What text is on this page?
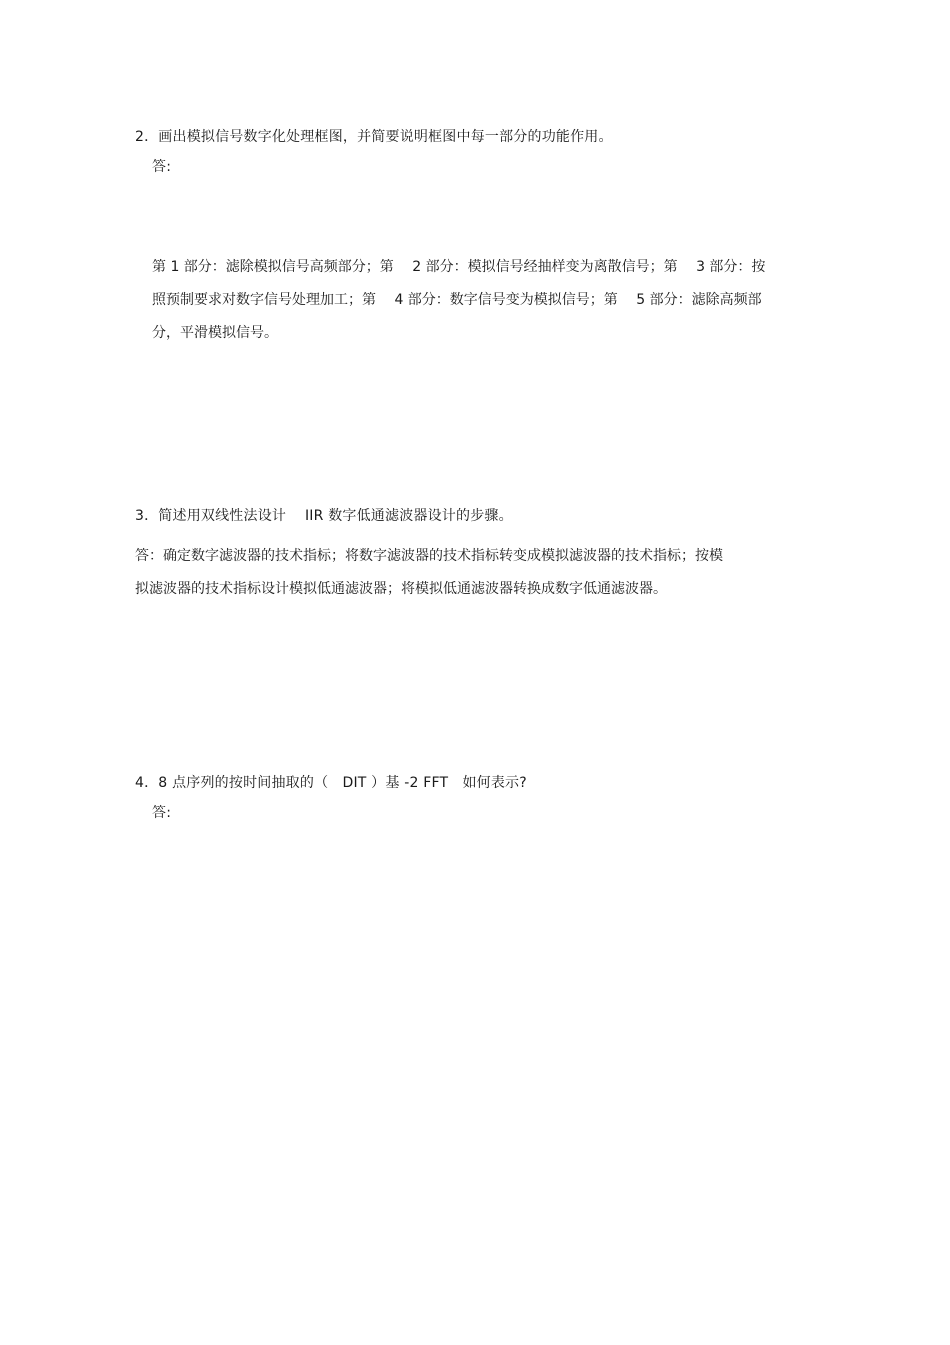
2．画出模拟信号数字化处理框图，并简要说明框图中每一部分的功能作用。
答:
第 1 部分：滤除模拟信号高频部分；第　 2 部分：模拟信号经抽样变为离散信号；第　 3 部分：按
照预制要求对数字信号处理加工；第　 4 部分：数字信号变为模拟信号；第　 5 部分：滤除高频部
分，平滑模拟信号。
3．简述用双线性法设计　 IIR 数字低通滤波器设计的步骤。
答：确定数字滤波器的技术指标；将数字滤波器的技术指标转变成模拟滤波器的技术指标；按模
拟滤波器的技术指标设计模拟低通滤波器；将模拟低通滤波器转换成数字低通滤波器。
4．8 点序列的按时间抽取的（　DIT ）基 -2 FFT　如何表示?
答:
